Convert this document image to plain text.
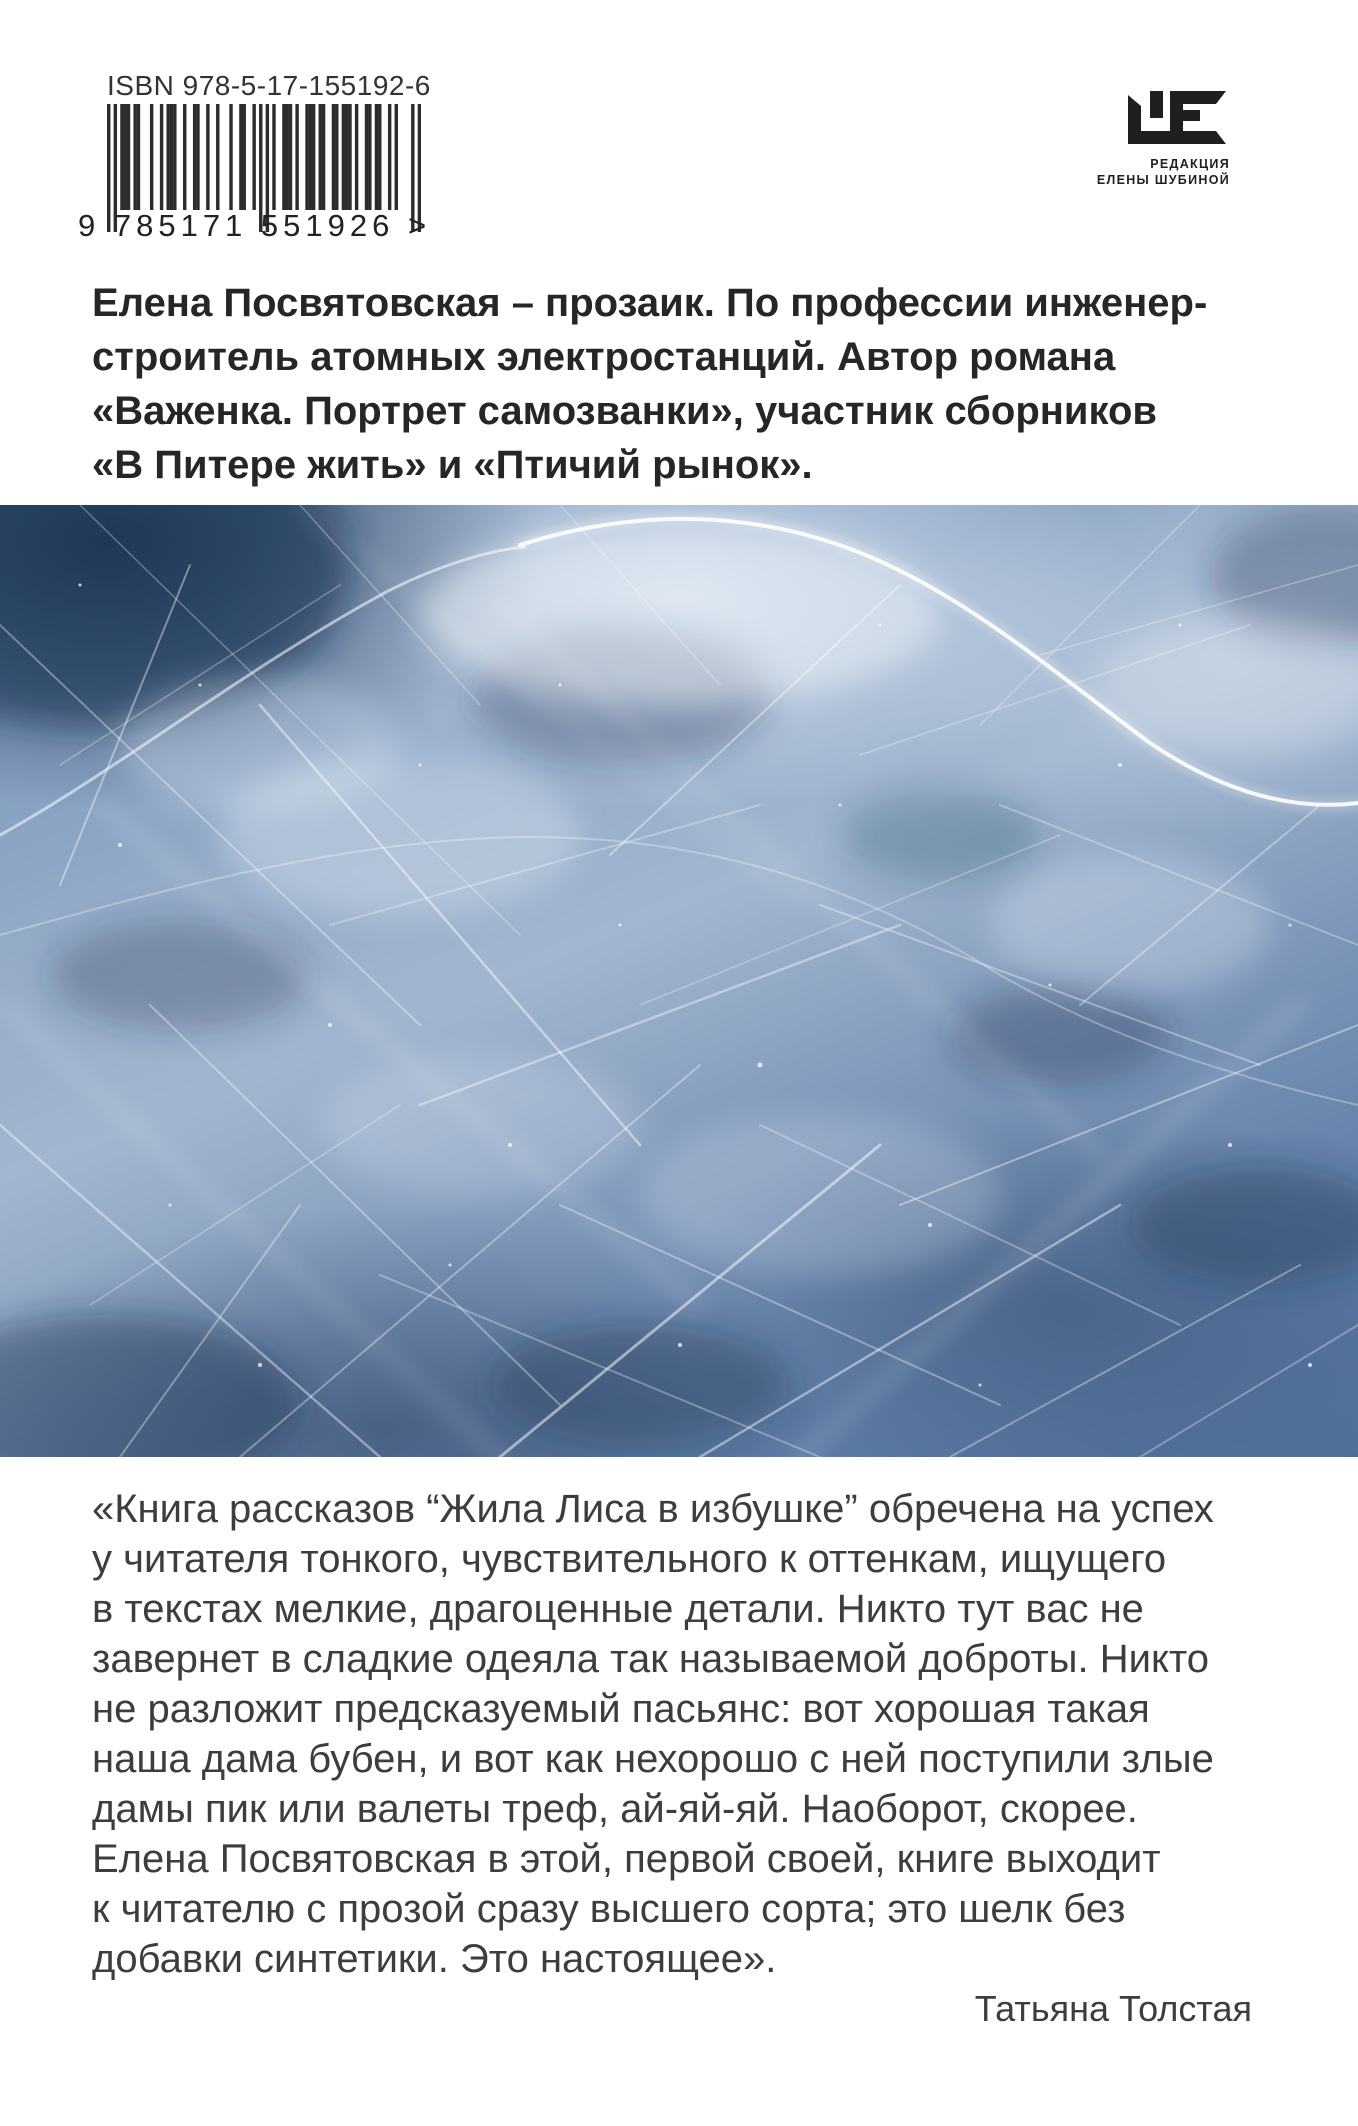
ISBN 978-5-17-155192-6
9 785171 551926 >
РЕДАКЦИЯ
ЕЛЕНЫ ШУБИНОЙ
Елена Посвятовская – прозаик. По профессии инженер-
строитель атомных электростанций. Автор романа
«Важенка. Портрет самозванки», участник сборников
«В Питере жить» и «Птичий рынок».
«Книга рассказов “Жила Лиса в избушке” обречена на успех
у читателя тонкого, чувствительного к оттенкам, ищущего
в текстах мелкие, драгоценные детали. Никто тут вас не
завернет в сладкие одеяла так называемой доброты. Никто
не разложит предсказуемый пасьянс: вот хорошая такая
наша дама бубен, и вот как нехорошо с ней поступили злые
дамы пик или валеты треф, ай-яй-яй. Наоборот, скорее.
Елена Посвятовская в этой, первой своей, книге выходит
к читателю с прозой сразу высшего сорта; это шелк без
добавки синтетики. Это настоящее».
Татьяна Толстая
